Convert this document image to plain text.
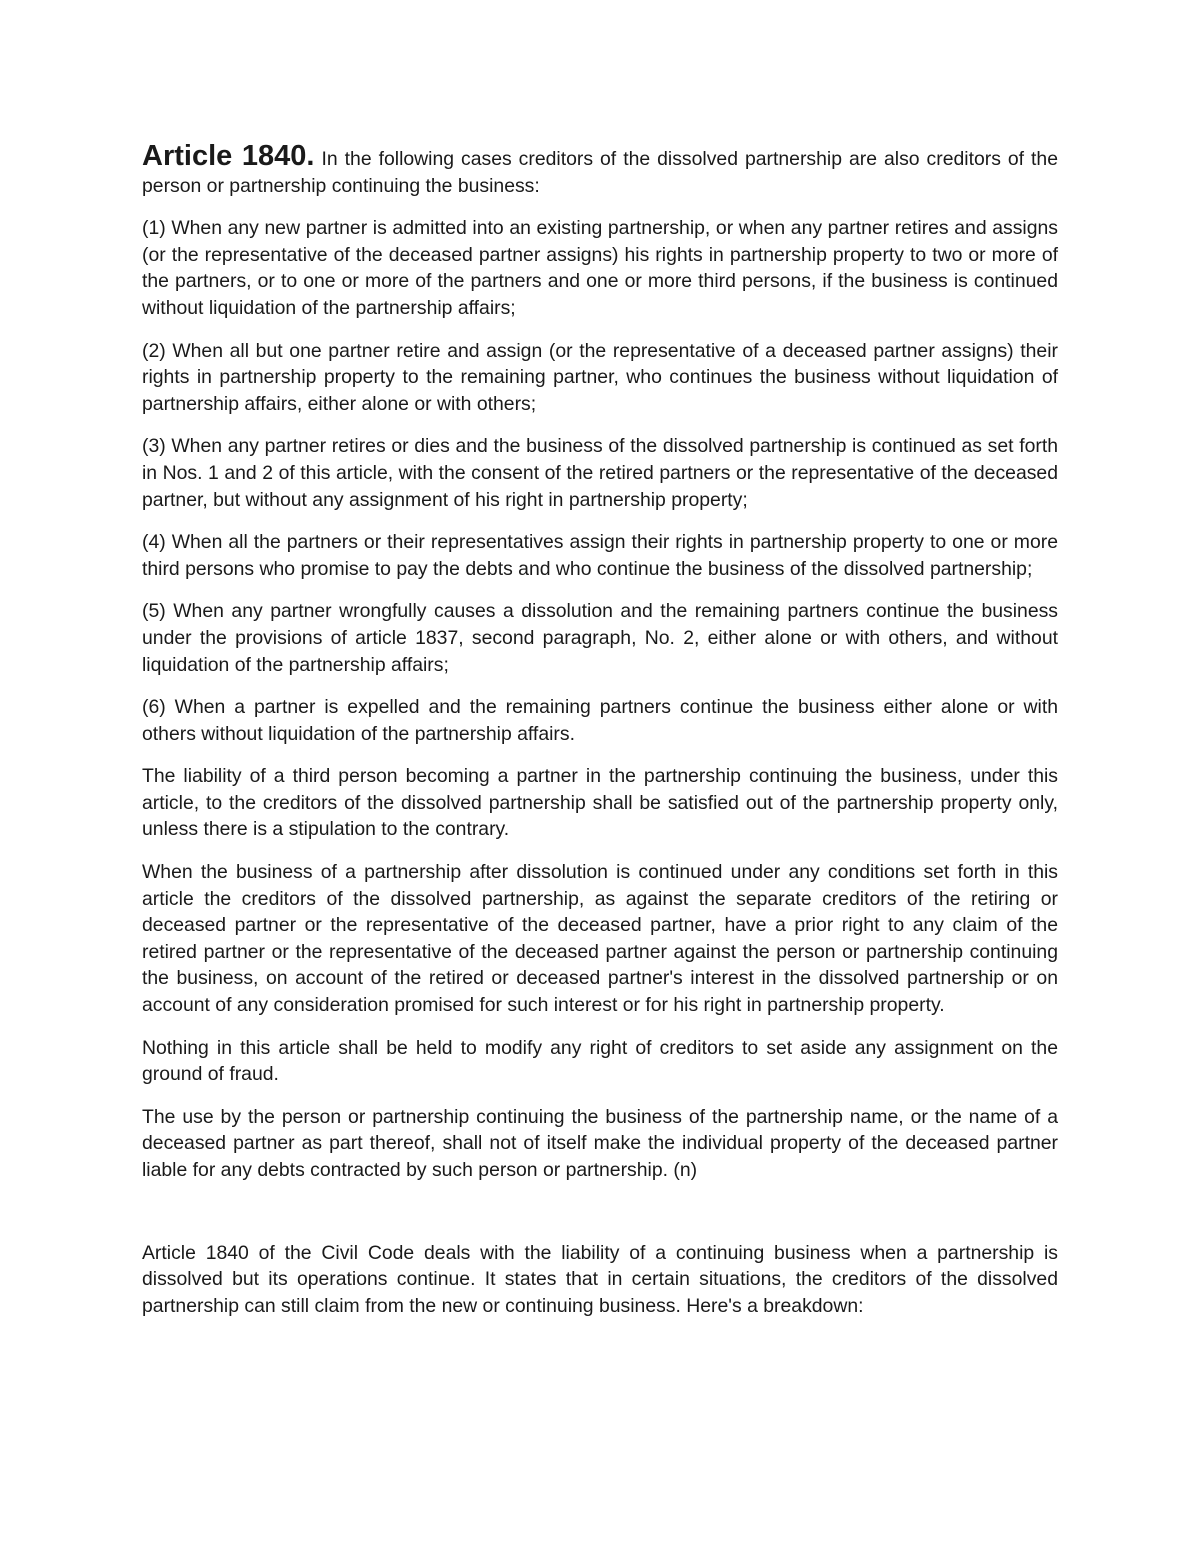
Article 1840. In the following cases creditors of the dissolved partnership are also creditors of the person or partnership continuing the business:

(1) When any new partner is admitted into an existing partnership, or when any partner retires and assigns (or the representative of the deceased partner assigns) his rights in partnership property to two or more of the partners, or to one or more of the partners and one or more third persons, if the business is continued without liquidation of the partnership affairs;

(2) When all but one partner retire and assign (or the representative of a deceased partner assigns) their rights in partnership property to the remaining partner, who continues the business without liquidation of partnership affairs, either alone or with others;

(3) When any partner retires or dies and the business of the dissolved partnership is continued as set forth in Nos. 1 and 2 of this article, with the consent of the retired partners or the representative of the deceased partner, but without any assignment of his right in partnership property;

(4) When all the partners or their representatives assign their rights in partnership property to one or more third persons who promise to pay the debts and who continue the business of the dissolved partnership;

(5) When any partner wrongfully causes a dissolution and the remaining partners continue the business under the provisions of article 1837, second paragraph, No. 2, either alone or with others, and without liquidation of the partnership affairs;

(6) When a partner is expelled and the remaining partners continue the business either alone or with others without liquidation of the partnership affairs.

The liability of a third person becoming a partner in the partnership continuing the business, under this article, to the creditors of the dissolved partnership shall be satisfied out of the partnership property only, unless there is a stipulation to the contrary.

When the business of a partnership after dissolution is continued under any conditions set forth in this article the creditors of the dissolved partnership, as against the separate creditors of the retiring or deceased partner or the representative of the deceased partner, have a prior right to any claim of the retired partner or the representative of the deceased partner against the person or partnership continuing the business, on account of the retired or deceased partner's interest in the dissolved partnership or on account of any consideration promised for such interest or for his right in partnership property.

Nothing in this article shall be held to modify any right of creditors to set aside any assignment on the ground of fraud.

The use by the person or partnership continuing the business of the partnership name, or the name of a deceased partner as part thereof, shall not of itself make the individual property of the deceased partner liable for any debts contracted by such person or partnership. (n)

Article 1840 of the Civil Code deals with the liability of a continuing business when a partnership is dissolved but its operations continue. It states that in certain situations, the creditors of the dissolved partnership can still claim from the new or continuing business. Here's a breakdown:
